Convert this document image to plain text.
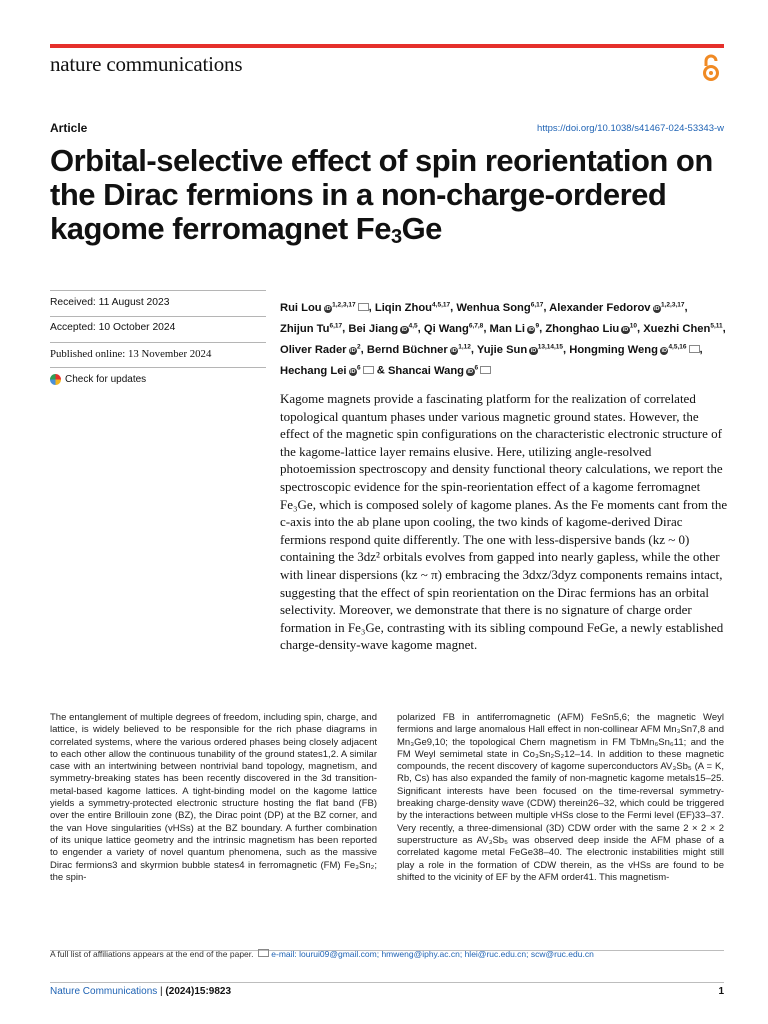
nature communications
Article	https://doi.org/10.1038/s41467-024-53343-w
Orbital-selective effect of spin reorientation on the Dirac fermions in a non-charge-ordered kagome ferromagnet $Fe_3Ge$
Received: 11 August 2023
Accepted: 10 October 2024
Published online: 13 November 2024
Check for updates
Rui Lou iD$^{1,2,3,17}$ , Liqin Zhou$^{4,5,17}$, Wenhua Song$^{6,17}$, Alexander Fedorov iD$^{1,2,3,17}$, Zhijun Tu$^{6,17}$, Bei Jiang iD$^{4,5}$, Qi Wang$^{6,7,8}$, Man Li $iD^9$, Zhonghao Liu $iD^{10}$, Xuezhi Chen$^{5,11}$, Oliver Rader $iD^2$, Bernd Büchner iD$^{1,12}$, Yujie Sun iD$^{13,14,15}$, Hongming Weng iD$^{4,5,16}$ , Hechang Lei $iD^6$ & Shancai Wang $iD^6$

Kagome magnets provide a fascinating platform for the realization of correlated topological quantum phases under various magnetic ground states. However, the effect of the magnetic spin configurations on the characteristic electronic structure of the kagome-lattice layer remains elusive. Here, utilizing angle-resolved photoemission spectroscopy and density functional theory calculations, we report the spectroscopic evidence for the spin-reorientation effect of a kagome ferromagnet Fe₃Ge, which is composed solely of kagome planes. As the Fe moments cant from the c-axis into the ab plane upon cooling, the two kinds of kagome-derived Dirac fermions respond quite differently. The one with less-dispersive bands (kz ~ 0) containing the 3dz² orbitals evolves from gapped into nearly gapless, while the other with linear dispersions (kz ~ π) embracing the 3dxz/3dyz components remains intact, suggesting that the effect of spin reorientation on the Dirac fermions has an orbital selectivity. Moreover, we demonstrate that there is no signature of charge order formation in Fe₃Ge, contrasting with its sibling compound FeGe, a newly established charge-density-wave kagome magnet.

The entanglement of multiple degrees of freedom, including spin, charge, and lattice, is widely believed to be responsible for the rich phase diagrams in correlated systems, where the various ordered phases being closely adjacent to each other allow the continuous tunability of the ground states1,2. A similar case with an intertwining between nontrivial band topology, magnetism, and symmetry-breaking states has been recently discovered in the 3d transition-metal-based kagome lattices. A tight-binding model on the kagome lattice yields a symmetry-protected electronic structure hosting the flat band (FB) over the entire Brillouin zone (BZ), the Dirac point (DP) at the BZ corner, and the van Hove singularities (vHSs) at the BZ boundary. A further combination of its unique lattice geometry and the intrinsic magnetism has been reported to engender a variety of novel quantum phenomena, such as the massive Dirac fermions3 and skyrmion bubble states4 in ferromagnetic (FM) Fe₃Sn₂; the spin-

polarized FB in antiferromagnetic (AFM) FeSn5,6; the magnetic Weyl fermions and large anomalous Hall effect in non-collinear AFM Mn₃Sn7,8 and Mn₃Ge9,10; the topological Chern magnetism in FM TbMn₆Sn₆11; and the FM Weyl semimetal state in Co₃Sn₂S₂12–14. In addition to these magnetic compounds, the recent discovery of kagome superconductors AV₃Sb₅ (A = K, Rb, Cs) has also expanded the family of non-magnetic kagome metals15–25. Significant interests have been focused on the time-reversal symmetry-breaking charge-density wave (CDW) therein26–32, which could be triggered by the interactions between multiple vHSs close to the Fermi level (EF)33–37. Very recently, a three-dimensional (3D) CDW order with the same 2 × 2 × 2 superstructure as AV₃Sb₅ was observed deep inside the AFM phase of a correlated kagome metal FeGe38–40. The electronic instabilities might still play a role in the formation of CDW therein, as the vHSs are found to be shifted to the vicinity of EF by the AFM order41. This magnetism-

A full list of affiliations appears at the end of the paper. e-mail: lourui09@gmail.com; hmweng@iphy.ac.cn; hlei@ruc.edu.cn; scw@ruc.edu.cn
Nature Communications | (2024)15:9823	1
